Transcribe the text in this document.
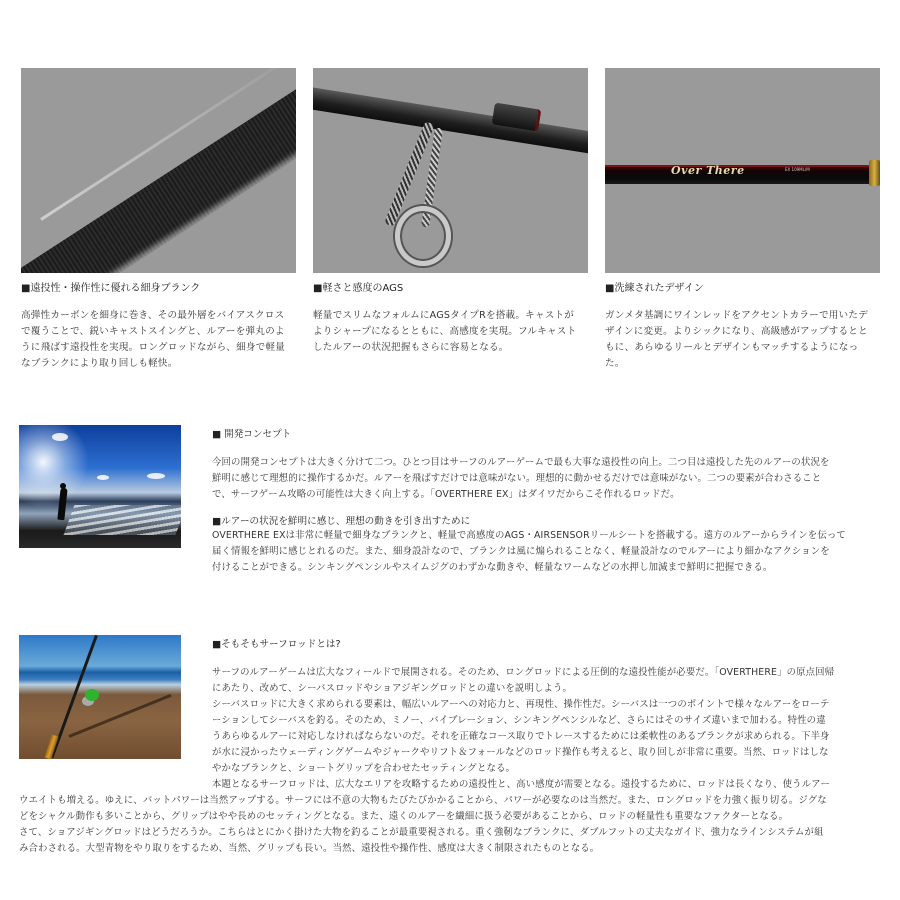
■遠投性・操作性に優れる細身ブランク
高弾性カーボンを細身に巻き、その最外層をバイアスクロス
で覆うことで、鋭いキャストスイングと、ルアーを弾丸のよ
うに飛ばす遠投性を実現。ロングロッドながら、細身で軽量
なブランクにより取り回しも軽快。
■軽さと感度のAGS
軽量でスリムなフォルムにAGSタイプRを搭載。キャストが
よりシャープになるとともに、高感度を実現。フルキャスト
したルアーの状況把握もさらに容易となる。
Over There	EX 109ML/M
■洗練されたデザイン
ガンメタ基調にワインレッドをアクセントカラーで用いたデ
ザインに変更。よりシックになり、高級感がアップするとと
もに、あらゆるリールとデザインもマッチするようになっ
た。
■ 開発コンセプト
今回の開発コンセプトは大きく分けて二つ。ひとつ目はサーフのルアーゲームで最も大事な遠投性の向上。二つ目は遠投した先のルアーの状況を
鮮明に感じて理想的に操作するかだ。ルアーを飛ばすだけでは意味がない。理想的に動かせるだけでは意味がない。二つの要素が合わさること
で、サーフゲーム攻略の可能性は大きく向上する。「OVERTHERE EX」はダイワだからこそ作れるロッドだ。
■ルアーの状況を鮮明に感じ、理想の動きを引き出すために
OVERTHERE EXは非常に軽量で細身なブランクと、軽量で高感度のAGS・AIRSENSORリールシートを搭載する。遠方のルアーからラインを伝って
届く情報を鮮明に感じとれるのだ。また、細身設計なので、ブランクは風に煽られることなく、軽量設計なのでルアーにより細かなアクションを
付けることができる。シンキングペンシルやスイムジグのわずかな動きや、軽量なワームなどの水押し加減まで鮮明に把握できる。
■そもそもサーフロッドとは?
サーフのルアーゲームは広大なフィールドで展開される。そのため、ロングロッドによる圧倒的な遠投性能が必要だ。「OVERTHERE」の原点回帰
にあたり、改めて、シーバスロッドやショアジギングロッドとの違いを説明しよう。
シーバスロッドに大きく求められる要素は、幅広いルアーへの対応力と、再現性、操作性だ。シーバスは一つのポイントで様々なルアーをローテ
ーションしてシーバスを釣る。そのため、ミノー、バイブレーション、シンキングペンシルなど、さらにはそのサイズ違いまで加わる。特性の違
うあらゆるルアーに対応しなければならないのだ。それを正確なコース取りでトレースするためには柔軟性のあるブランクが求められる。下半身
が水に浸かったウェーディングゲームやジャークやリフト＆フォールなどのロッド操作も考えると、取り回しが非常に重要。当然、ロッドはしな
やかなブランクと、ショートグリップを合わせたセッティングとなる。
本題となるサーフロッドは、広大なエリアを攻略するための遠投性と、高い感度が需要となる。遠投するために、ロッドは長くなり、使うルアー
ウエイトも増える。ゆえに、バットパワーは当然アップする。サーフには不意の大物もたびたびかかることから、パワーが必要なのは当然だ。また、ロングロッドを力強く振り切る。ジグな
どをシャクル動作も多いことから、グリップはやや長めのセッティングとなる。また、遠くのルアーを繊細に扱う必要があることから、ロッドの軽量性も重要なファクターとなる。
さて、ショアジギングロッドはどうだろうか。こちらはとにかく掛けた大物を釣ることが最重要視される。重く強靭なブランクに、ダブルフットの丈夫なガイド、強力なラインシステムが組
み合わされる。大型青物をやり取りをするため、当然、グリップも長い。当然、遠投性や操作性、感度は大きく制限されたものとなる。
